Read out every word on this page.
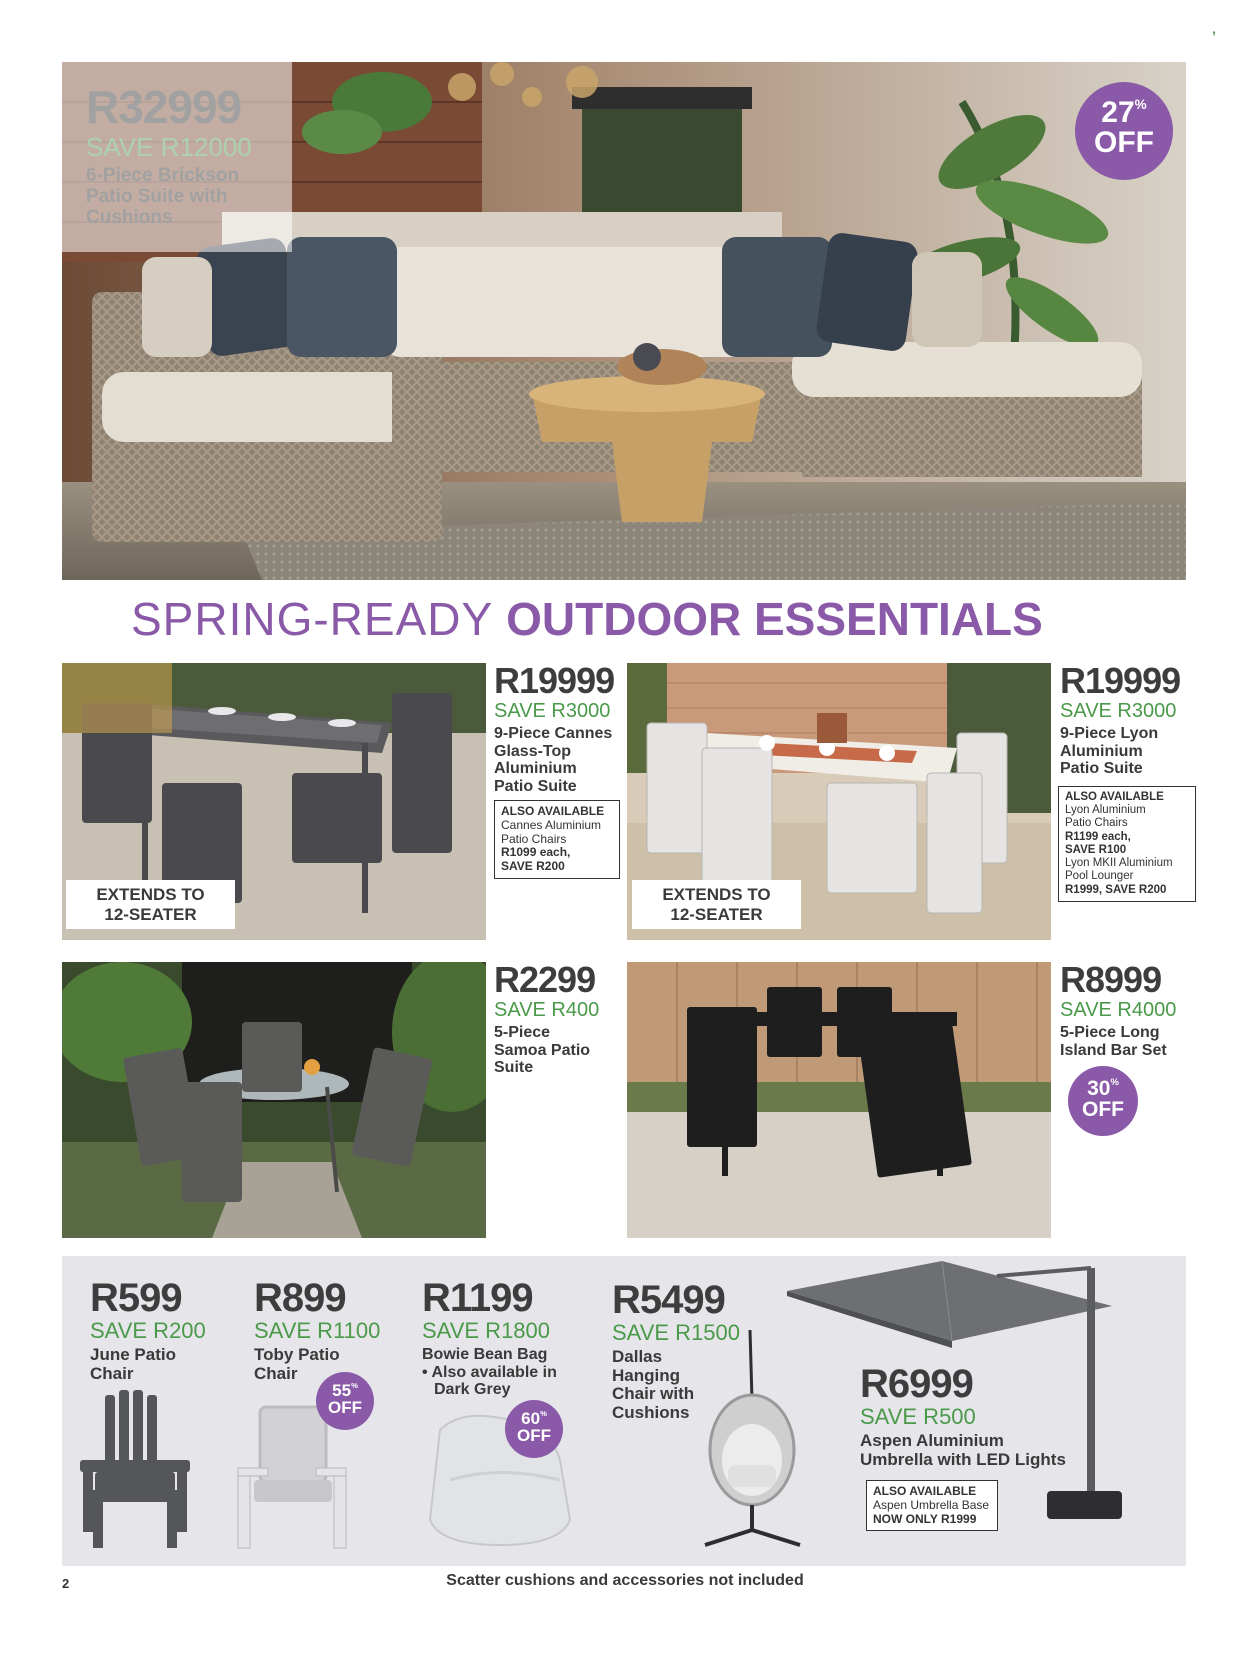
’
27%
OFF
SPRING-READY OUTDOOR ESSENTIALS
EXTENDS TO
12-SEATER
R19999
SAVE R3000
9-Piece Cannes
Glass-Top
Aluminium
Patio Suite
ALSO AVAILABLE
Cannes Aluminium
Patio Chairs
R1099 each,
SAVE R200
EXTENDS TO
12-SEATER
R19999
SAVE R3000
9-Piece Lyon
Aluminium
Patio Suite
ALSO AVAILABLE
Lyon Aluminium
Patio Chairs
R1199 each,
SAVE R100
Lyon MKII Aluminium
Pool Lounger
R1999, SAVE R200
R2299
SAVE R400
5-Piece
Samoa Patio
Suite
R8999
SAVE R4000
5-Piece Long
Island Bar Set
30%
OFF
R599
SAVE R200
June Patio
Chair
R899
SAVE R1100
Toby Patio
Chair
55%
OFF
R1199
SAVE R1800
Bowie Bean Bag
• Also available in
Dark Grey
60%
OFF
R5499
SAVE R1500
Dallas
Hanging
Chair with
Cushions
R6999
SAVE R500
Aspen Aluminium
Umbrella with LED Lights
ALSO AVAILABLE
Aspen Umbrella Base
NOW ONLY R1999
2	Scatter cushions and accessories not included
